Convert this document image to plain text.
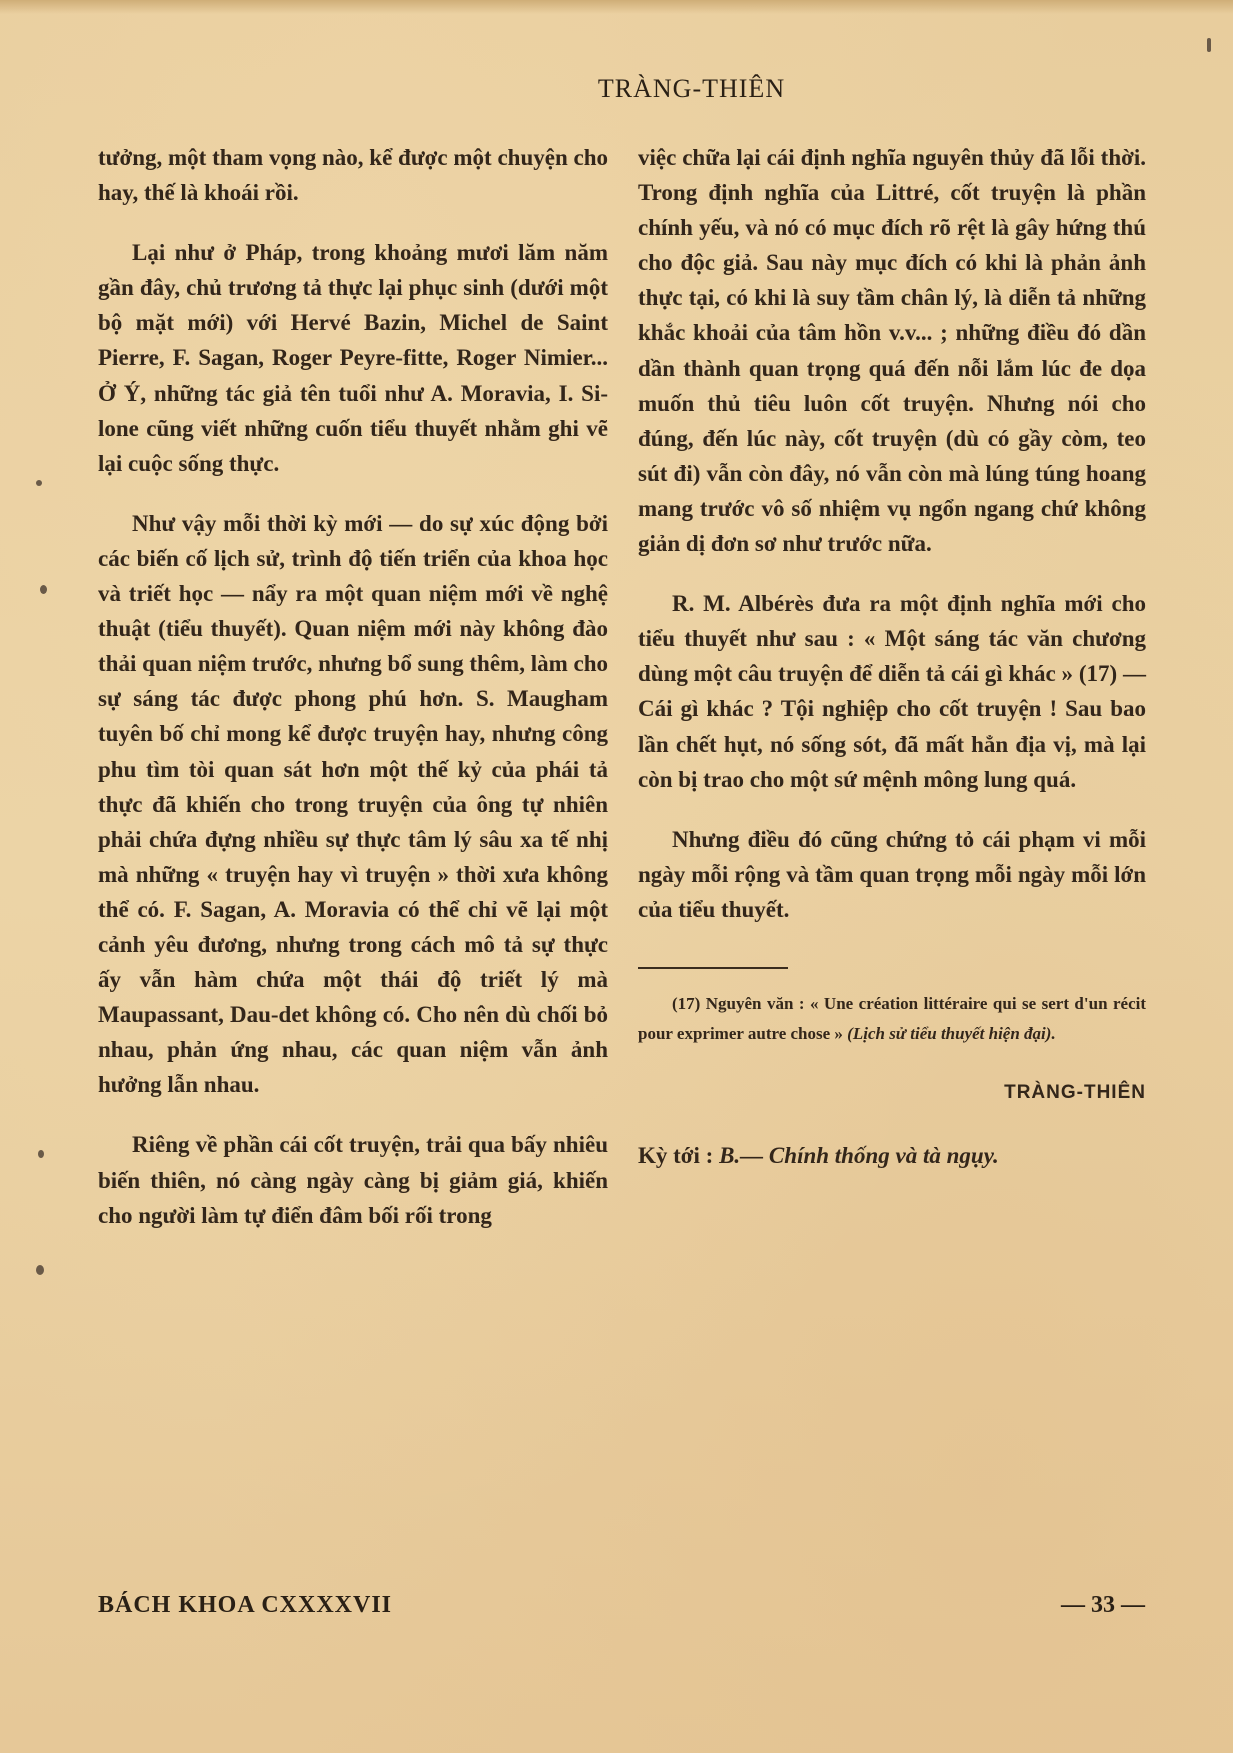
TRÀNG-THIÊN

tưởng, một tham vọng nào, kể được một chuyện cho hay, thế là khoái rồi.

Lại như ở Pháp, trong khoảng mươi lăm năm gần đây, chủ trương tả thực lại phục sinh (dưới một bộ mặt mới) với Hervé Bazin, Michel de Saint Pierre, F. Sagan, Roger Peyre-fitte, Roger Nimier... Ở Ý, những tác giả tên tuổi như A. Moravia, I. Si-lone cũng viết những cuốn tiểu thuyết nhằm ghi vẽ lại cuộc sống thực.

Như vậy mỗi thời kỳ mới — do sự xúc động bởi các biến cố lịch sử, trình độ tiến triển của khoa học và triết học — nẩy ra một quan niệm mới về nghệ thuật (tiểu thuyết). Quan niệm mới này không đào thải quan niệm trước, nhưng bổ sung thêm, làm cho sự sáng tác được phong phú hơn. S. Maugham tuyên bố chỉ mong kể được truyện hay, nhưng công phu tìm tòi quan sát hơn một thế kỷ của phái tả thực đã khiến cho trong truyện của ông tự nhiên phải chứa đựng nhiều sự thực tâm lý sâu xa tế nhị mà những « truyện hay vì truyện » thời xưa không thể có. F. Sagan, A. Moravia có thể chỉ vẽ lại một cảnh yêu đương, nhưng trong cách mô tả sự thực ấy vẫn hàm chứa một thái độ triết lý mà Maupassant, Dau-det không có. Cho nên dù chối bỏ nhau, phản ứng nhau, các quan niệm vẫn ảnh hưởng lẫn nhau.

Riêng về phần cái cốt truyện, trải qua bấy nhiêu biến thiên, nó càng ngày càng bị giảm giá, khiến cho người làm tự điển đâm bối rối trong

việc chữa lại cái định nghĩa nguyên thủy đã lỗi thời. Trong định nghĩa của Littré, cốt truyện là phần chính yếu, và nó có mục đích rõ rệt là gây hứng thú cho độc giả. Sau này mục đích có khi là phản ảnh thực tại, có khi là suy tầm chân lý, là diễn tả những khắc khoải của tâm hồn v.v... ; những điều đó dần dần thành quan trọng quá đến nỗi lắm lúc đe dọa muốn thủ tiêu luôn cốt truyện. Nhưng nói cho đúng, đến lúc này, cốt truyện (dù có gầy còm, teo sút đi) vẫn còn đây, nó vẫn còn mà lúng túng hoang mang trước vô số nhiệm vụ ngổn ngang chứ không giản dị đơn sơ như trước nữa.

R. M. Albérès đưa ra một định nghĩa mới cho tiểu thuyết như sau : « Một sáng tác văn chương dùng một câu truyện để diễn tả cái gì khác » (17) — Cái gì khác ? Tội nghiệp cho cốt truyện ! Sau bao lần chết hụt, nó sống sót, đã mất hẳn địa vị, mà lại còn bị trao cho một sứ mệnh mông lung quá.

Nhưng điều đó cũng chứng tỏ cái phạm vi mỗi ngày mỗi rộng và tầm quan trọng mỗi ngày mỗi lớn của tiểu thuyết.

(17) Nguyên văn : « Une création littéraire qui se sert d'un récit pour exprimer autre chose » (Lịch sử tiểu thuyết hiện đại).

TRÀNG-THIÊN
Kỳ tới : B.— Chính thống và tà ngụy.
BÁCH KHOA CXXXXVII	— 33 —
